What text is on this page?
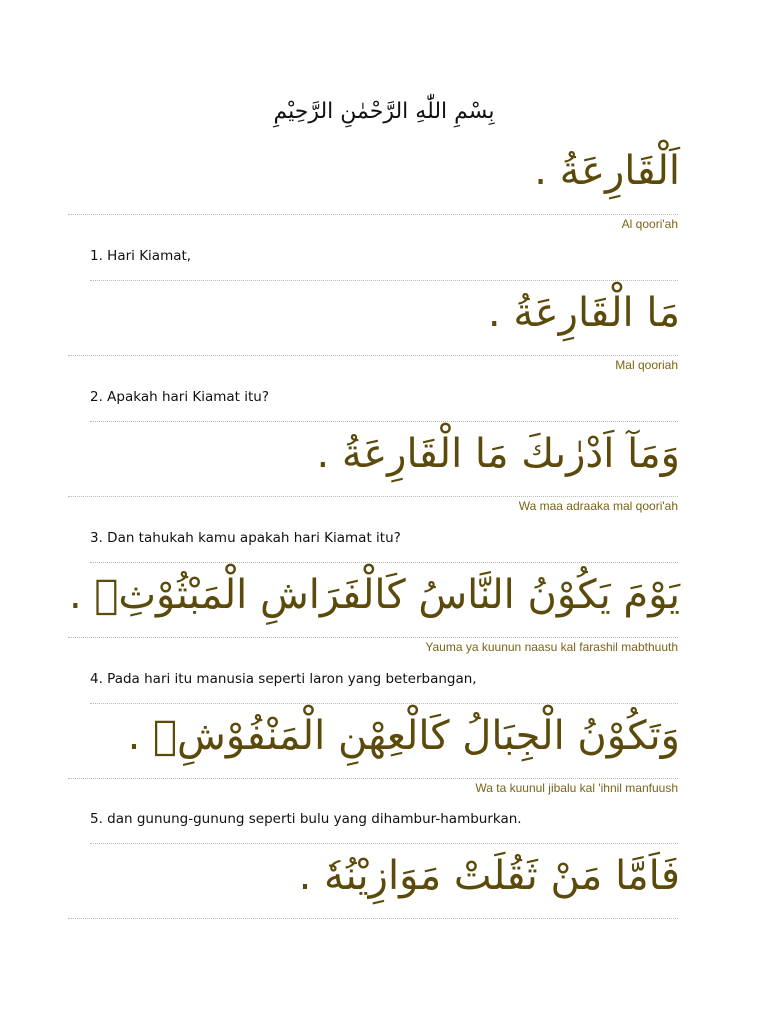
بِسْمِ اللّٰهِ الرَّحْمٰنِ الرَّحِيْمِ
اَلْقَارِعَةُ .
Al qoori'ah
1. Hari Kiamat,
مَا الْقَارِعَةُ .
Mal qooriah
2. Apakah hari Kiamat itu?
وَمَآ اَدْرٰىكَ مَا الْقَارِعَةُ .
Wa maa adraaka mal qoori'ah
3. Dan tahukah kamu apakah hari Kiamat itu?
يَوْمَ يَكُوْنُ النَّاسُ كَالْفَرَاشِ الْمَبْثُوْثِۙ .
Yauma ya kuunun naasu kal farashil mabthuuth
4. Pada hari itu manusia seperti laron yang beterbangan,
وَتَكُوْنُ الْجِبَالُ كَالْعِهْنِ الْمَنْفُوْشِۗ .
Wa ta kuunul jibalu kal 'ihnil manfuush
5. dan gunung-gunung seperti bulu yang dihambur-hamburkan.
فَاَمَّا مَنْ ثَقُلَتْ مَوَازِيْنُهٗ .
